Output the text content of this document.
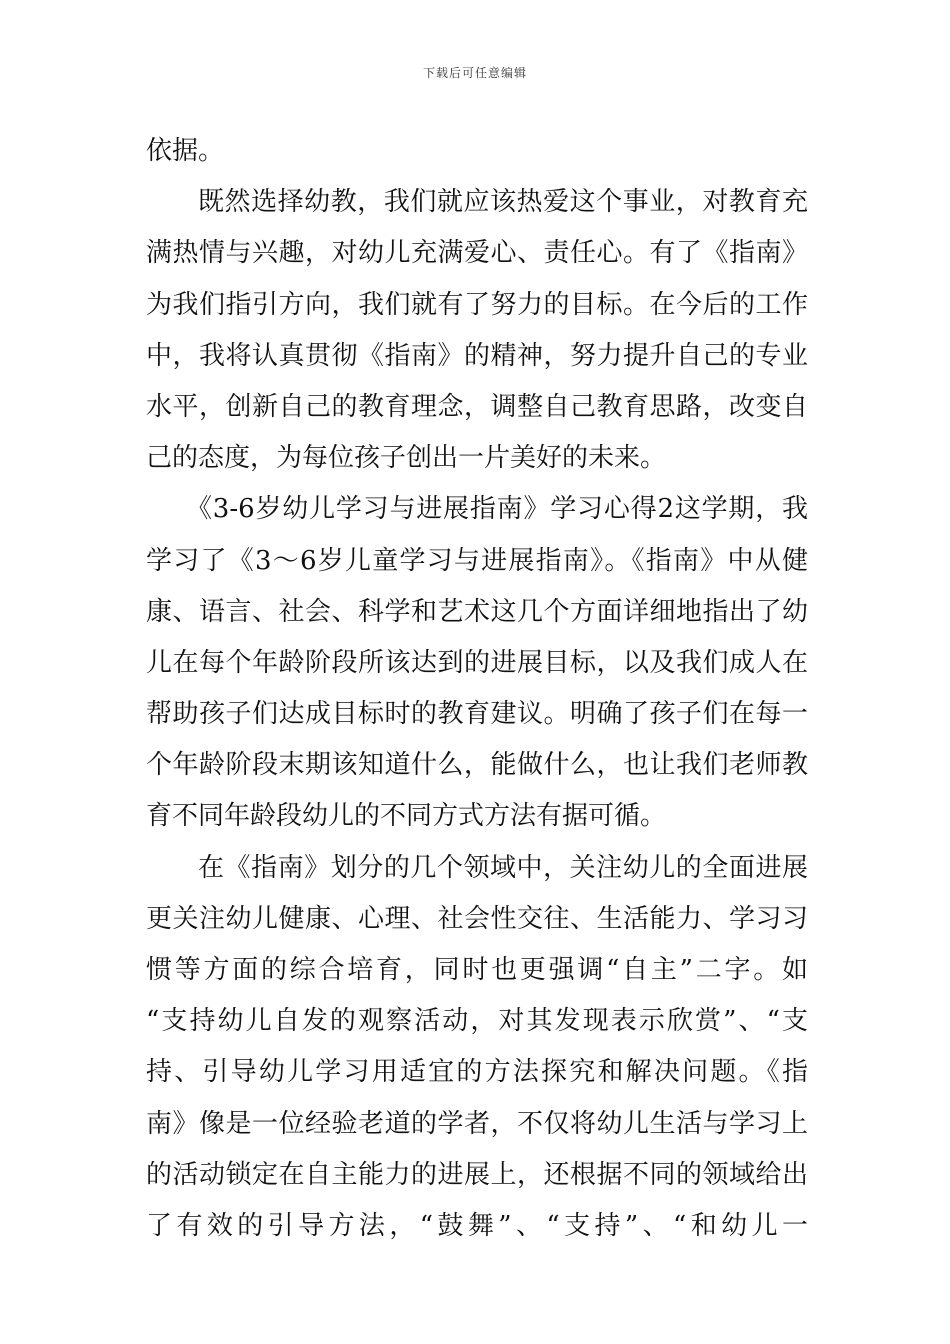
下载后可任意编辑
依据。
既然选择幼教，我们就应该热爱这个事业，对教育充
满热情与兴趣，对幼儿充满爱心、责任心。有了《指南》
为我们指引方向，我们就有了努力的目标。在今后的工作
中，我将认真贯彻《指南》的精神，努力提升自己的专业
水平，创新自己的教育理念，调整自己教育思路，改变自
己的态度，为每位孩子创出一片美好的未来。
《3-6岁幼儿学习与进展指南》学习心得2这学期，我
学习了《3～6岁儿童学习与进展指南》。《指南》中从健
康、语言、社会、科学和艺术这几个方面详细地指出了幼
儿在每个年龄阶段所该达到的进展目标，以及我们成人在
帮助孩子们达成目标时的教育建议。明确了孩子们在每一
个年龄阶段末期该知道什么，能做什么，也让我们老师教
育不同年龄段幼儿的不同方式方法有据可循。
在《指南》划分的几个领域中，关注幼儿的全面进展
更关注幼儿健康、心理、社会性交往、生活能力、学习习
惯等方面的综合培育，同时也更强调“自主”二字。如
“支持幼儿自发的观察活动，对其发现表示欣赏”、“支
持、引导幼儿学习用适宜的方法探究和解决问题。《指
南》像是一位经验老道的学者，不仅将幼儿生活与学习上
的活动锁定在自主能力的进展上，还根据不同的领域给出
了有效的引导方法，“鼓舞”、“支持”、“和幼儿一
